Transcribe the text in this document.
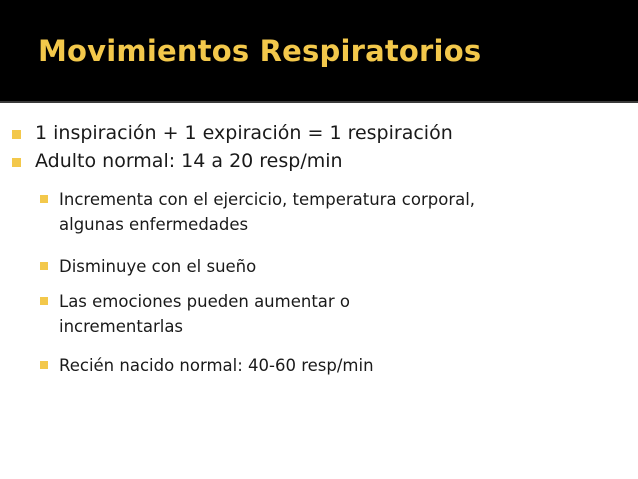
Movimientos Respiratorios
1 inspiración + 1 expiración = 1 respiración
Adulto normal: 14 a 20 resp/min
Incrementa con el ejercicio, temperatura corporal, algunas enfermedades
Disminuye con el sueño
Las emociones pueden aumentar o incrementarlas
Recién nacido normal: 40-60 resp/min
